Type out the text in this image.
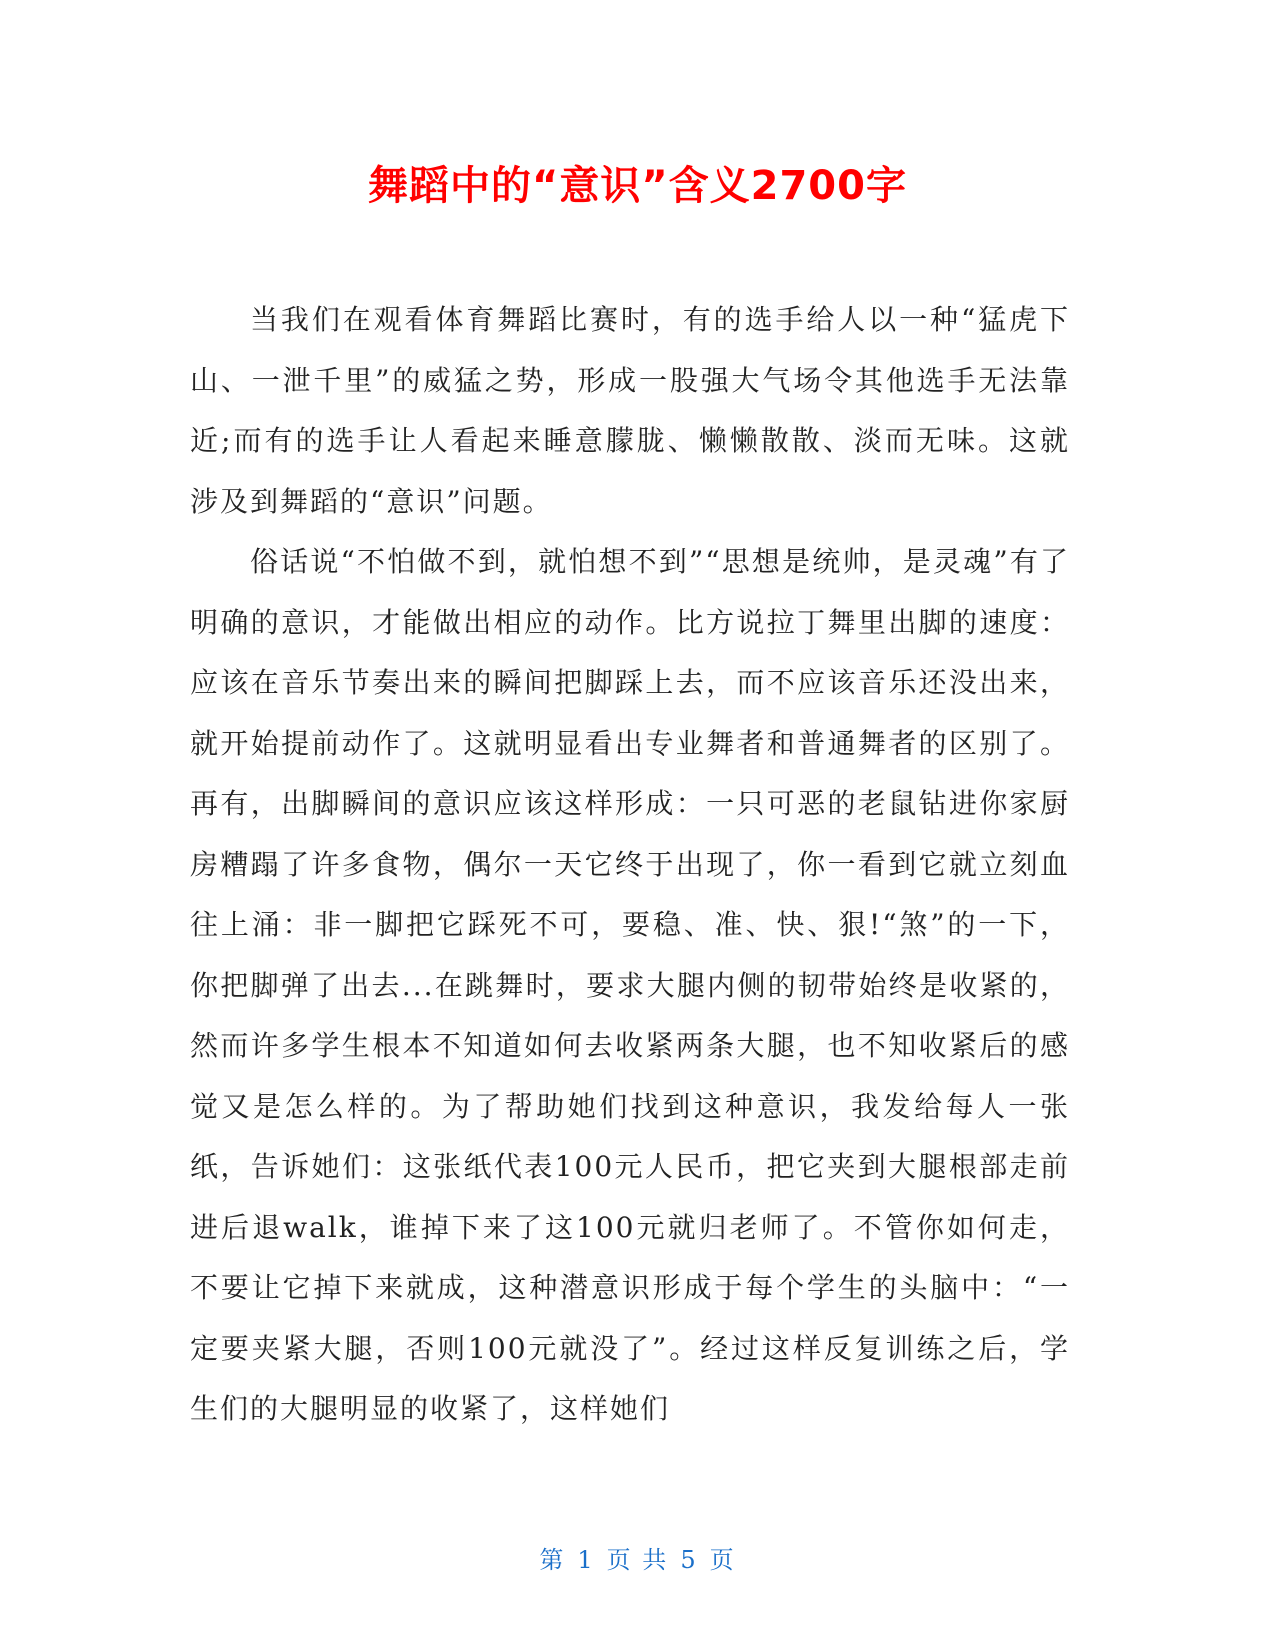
舞蹈中的“意识”含义2700字

当我们在观看体育舞蹈比赛时，有的选手给人以一种“猛虎下山、一泄千里”的威猛之势，形成一股强大气场令其他选手无法靠近;而有的选手让人看起来睡意朦胧、懒懒散散、淡而无味。这就涉及到舞蹈的“意识”问题。

俗话说“不怕做不到，就怕想不到”“思想是统帅，是灵魂”有了明确的意识，才能做出相应的动作。比方说拉丁舞里出脚的速度：应该在音乐节奏出来的瞬间把脚踩上去，而不应该音乐还没出来，就开始提前动作了。这就明显看出专业舞者和普通舞者的区别了。再有，出脚瞬间的意识应该这样形成：一只可恶的老鼠钻进你家厨房糟蹋了许多食物，偶尔一天它终于出现了，你一看到它就立刻血往上涌：非一脚把它踩死不可，要稳、准、快、狠!“煞”的一下，你把脚弹了出去...在跳舞时，要求大腿内侧的韧带始终是收紧的，然而许多学生根本不知道如何去收紧两条大腿，也不知收紧后的感觉又是怎么样的。为了帮助她们找到这种意识，我发给每人一张纸，告诉她们：这张纸代表100元人民币，把它夹到大腿根部走前进后退walk，谁掉下来了这100元就归老师了。不管你如何走，不要让它掉下来就成，这种潜意识形成于每个学生的头脑中：“一定要夹紧大腿，否则100元就没了”。经过这样反复训练之后，学生们的大腿明显的收紧了，这样她们

第 1 页 共 5 页
